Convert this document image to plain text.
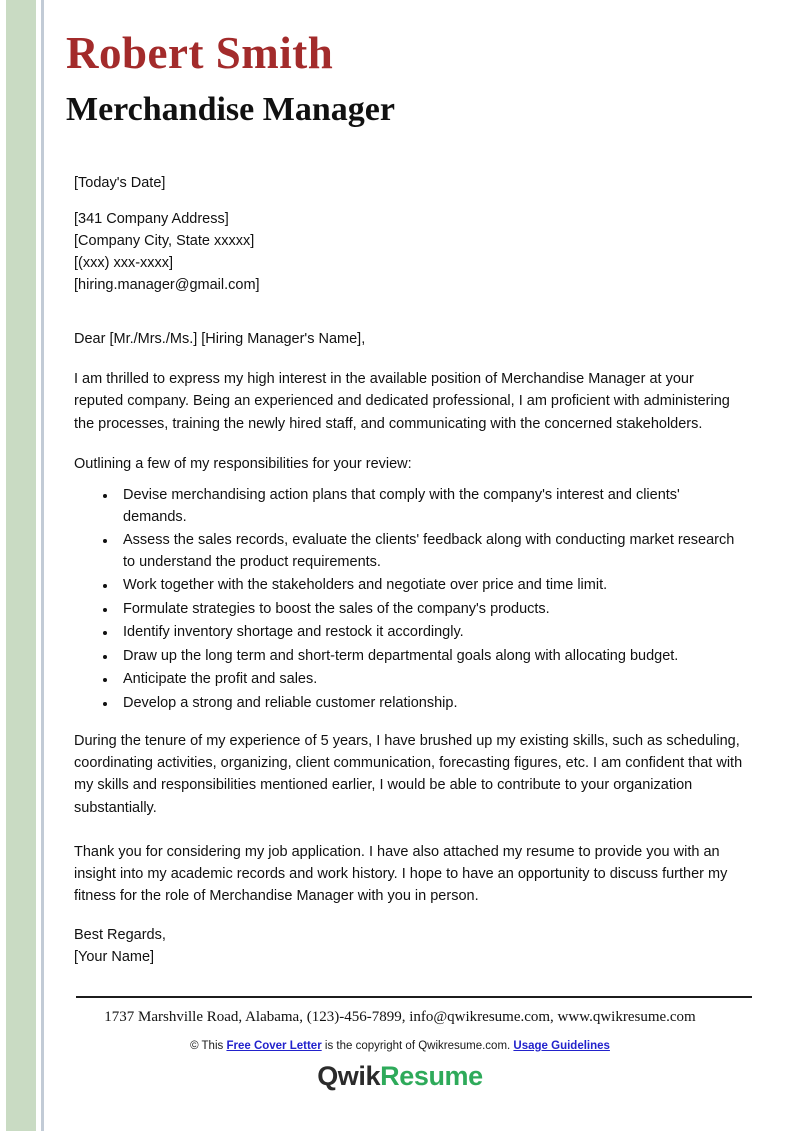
Robert Smith
Merchandise Manager
[Today's Date]
[341 Company Address]
[Company City, State xxxxx]
[(xxx) xxx-xxxx]
[hiring.manager@gmail.com]

Dear [Mr./Mrs./Ms.] [Hiring Manager's Name],

I am thrilled to express my high interest in the available position of Merchandise Manager at your reputed company. Being an experienced and dedicated professional, I am proficient with administering the processes, training the newly hired staff, and communicating with the concerned stakeholders.

Outlining a few of my responsibilities for your review:

Devise merchandising action plans that comply with the company's interest and clients' demands.
Assess the sales records, evaluate the clients' feedback along with conducting market research to understand the product requirements.
Work together with the stakeholders and negotiate over price and time limit.
Formulate strategies to boost the sales of the company's products.
Identify inventory shortage and restock it accordingly.
Draw up the long term and short-term departmental goals along with allocating budget.
Anticipate the profit and sales.
Develop a strong and reliable customer relationship.

During the tenure of my experience of 5 years, I have brushed up my existing skills, such as scheduling, coordinating activities, organizing, client communication, forecasting figures, etc. I am confident that with my skills and responsibilities mentioned earlier, I would be able to contribute to your organization substantially.

Thank you for considering my job application. I have also attached my resume to provide you with an insight into my academic records and work history. I hope to have an opportunity to discuss further my fitness for the role of Merchandise Manager with you in person.

Best Regards,

[Your Name]

1737 Marshville Road, Alabama, (123)-456-7899, info@qwikresume.com, www.qwikresume.com
© This Free Cover Letter is the copyright of Qwikresume.com. Usage Guidelines
QwikResume
